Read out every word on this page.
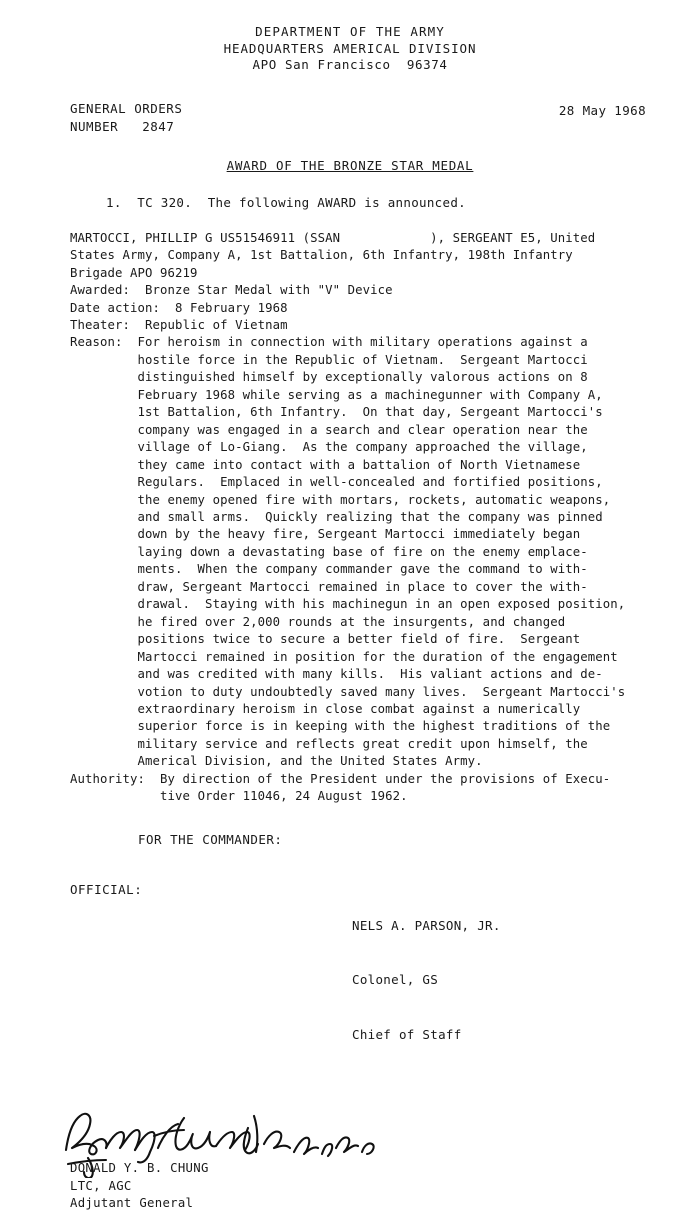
DEPARTMENT OF THE ARMY
HEADQUARTERS AMERICAL DIVISION
APO San Francisco  96374
GENERAL ORDERS
NUMBER   2847
28 May 1968
AWARD OF THE BRONZE STAR MEDAL
1.  TC 320.  The following AWARD is announced.
MARTOCCI, PHILLIP G US51546911 (SSAN            ), SERGEANT E5, United
States Army, Company A, 1st Battalion, 6th Infantry, 198th Infantry
Brigade APO 96219
Awarded: Bronze Star Medal with "V" Device
Date action: 8 February 1968
Theater: Republic of Vietnam
Reason: For heroism in connection with military operations against a
hostile force in the Republic of Vietnam.  Sergeant Martocci
distinguished himself by exceptionally valorous actions on 8
February 1968 while serving as a machinegunner with Company A,
1st Battalion, 6th Infantry.  On that day, Sergeant Martocci's
company was engaged in a search and clear operation near the
village of Lo-Giang.  As the company approached the village,
they came into contact with a battalion of North Vietnamese
Regulars.  Emplaced in well-concealed and fortified positions,
the enemy opened fire with mortars, rockets, automatic weapons,
and small arms.  Quickly realizing that the company was pinned
down by the heavy fire, Sergeant Martocci immediately began
laying down a devastating base of fire on the enemy emplace-
ments.  When the company commander gave the command to with-
draw, Sergeant Martocci remained in place to cover the with-
drawal.  Staying with his machinegun in an open exposed position,
he fired over 2,000 rounds at the insurgents, and changed
positions twice to secure a better field of fire.  Sergeant
Martocci remained in position for the duration of the engagement
and was credited with many kills.  His valiant actions and de-
votion to duty undoubtedly saved many lives.  Sergeant Martocci's
extraordinary heroism in close combat against a numerically
superior force is in keeping with the highest traditions of the
military service and reflects great credit upon himself, the
Americal Division, and the United States Army.
Authority: By direction of the President under the provisions of Execu-
tive Order 11046, 24 August 1962.
FOR THE COMMANDER:
OFFICIAL:

NELS A. PARSON, JR.

Colonel, GS

Chief of Staff

DONALD Y. B. CHUNG
LTC, AGC
Adjutant General
